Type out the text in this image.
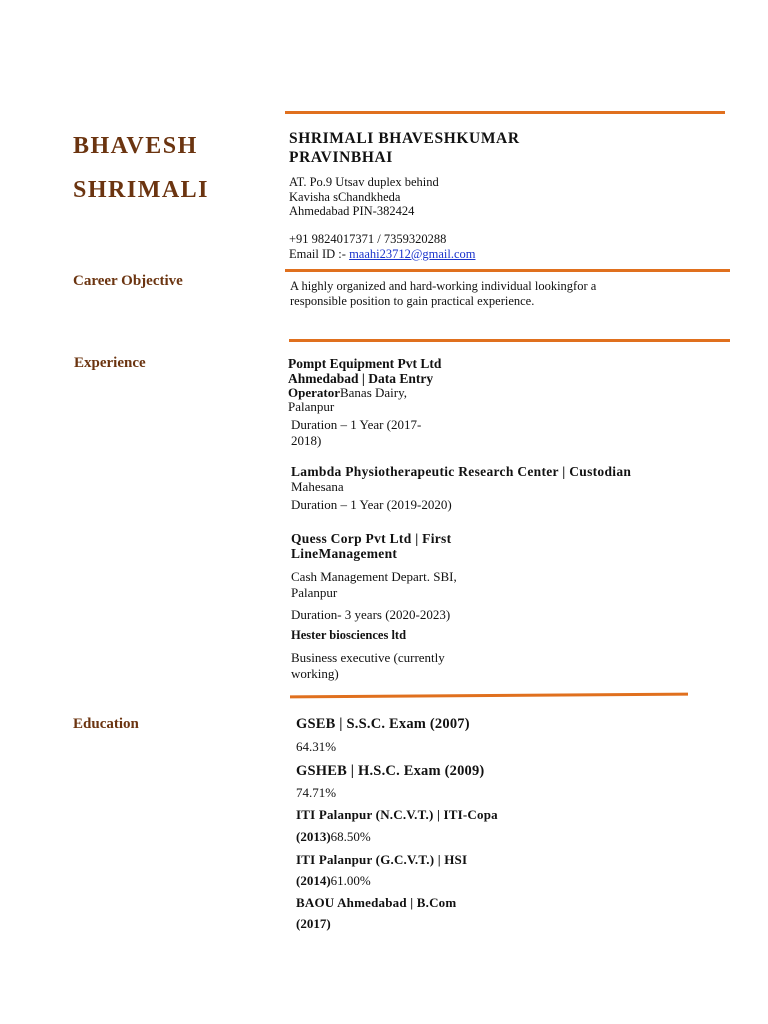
BHAVESH
SHRIMALI
Career Objective
Experience
Education
SHRIMALI BHAVESHKUMAR
PRAVINBHAI
AT. Po.9 Utsav duplex behind
Kavisha sChandkheda
Ahmedabad PIN-382424
+91 9824017371 / 7359320288
Email ID :- maahi23712@gmail.com
A highly organized and hard-working individual lookingfor a
responsible position to gain practical experience.
Pompt Equipment Pvt Ltd
Ahmedabad | Data Entry
OperatorBanas Dairy,
Palanpur
Duration – 1 Year (2017-
2018)
Lambda Physiotherapeutic Research Center | Custodian
Mahesana
Duration – 1 Year (2019-2020)
Quess Corp Pvt Ltd | First
LineManagement
Cash Management Depart. SBI,
Palanpur
Duration- 3 years (2020-2023)
Hester biosciences ltd
Business executive (currently
working)
GSEB | S.S.C. Exam (2007)
64.31%
GSHEB | H.S.C. Exam (2009)
74.71%
ITI Palanpur (N.C.V.T.) | ITI-Copa
(2013)68.50%
ITI Palanpur (G.C.V.T.) | HSI
(2014)61.00%
BAOU Ahmedabad | B.Com
(2017)
